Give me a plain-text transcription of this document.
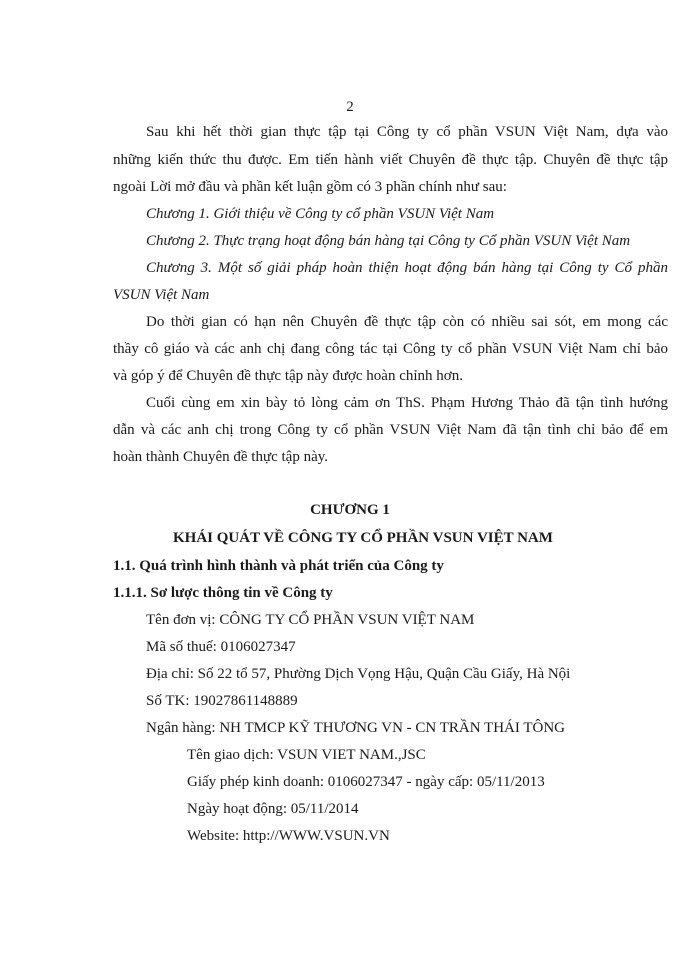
2
Sau khi hết thời gian thực tập tại Công ty cổ phần VSUN Việt Nam, dựa vào
những kiến thức thu được. Em tiến hành viết Chuyên đề thực tập. Chuyên đề thực tập
ngoài Lời mở đầu và phần kết luận gồm có 3 phần chính như sau:
Chương 1. Giới thiệu về Công ty cổ phần VSUN Việt Nam
Chương 2. Thực trạng hoạt động bán hàng tại Công ty Cổ phần VSUN Việt Nam
Chương 3. Một số giải pháp hoàn thiện hoạt động bán hàng tại Công ty Cổ phần
VSUN Việt Nam
Do thời gian có hạn nên Chuyên đề thực tập còn có nhiều sai sót, em mong các
thầy cô giáo và các anh chị đang công tác tại Công ty cổ phần VSUN Việt Nam chỉ bảo
và góp ý để Chuyên đề thực tập này được hoàn chỉnh hơn.
Cuối cùng em xin bày tỏ lòng cảm ơn ThS. Phạm Hương Thảo đã tận tình hướng
dẫn và các anh chị trong Công ty cổ phần VSUN Việt Nam đã tận tình chỉ bảo để em
hoàn thành Chuyên đề thực tập này.
CHƯƠNG 1
KHÁI QUÁT VỀ CÔNG TY CỔ PHẦN VSUN VIỆT NAM
1.1. Quá trình hình thành và phát triển của Công ty
1.1.1. Sơ lược thông tin về Công ty
Tên đơn vị: CÔNG TY CỔ PHẦN VSUN VIỆT NAM
Mã số thuế: 0106027347
Địa chỉ: Số 22 tổ 57, Phường Dịch Vọng Hậu, Quận Cầu Giấy, Hà Nội
Số TK: 19027861148889
Ngân hàng: NH TMCP KỸ THƯƠNG VN - CN TRẦN THÁI TÔNG
Tên giao dịch: VSUN VIET NAM.,JSC
Giấy phép kinh doanh: 0106027347 - ngày cấp: 05/11/2013
Ngày hoạt động: 05/11/2014
Website: http://WWW.VSUN.VN
